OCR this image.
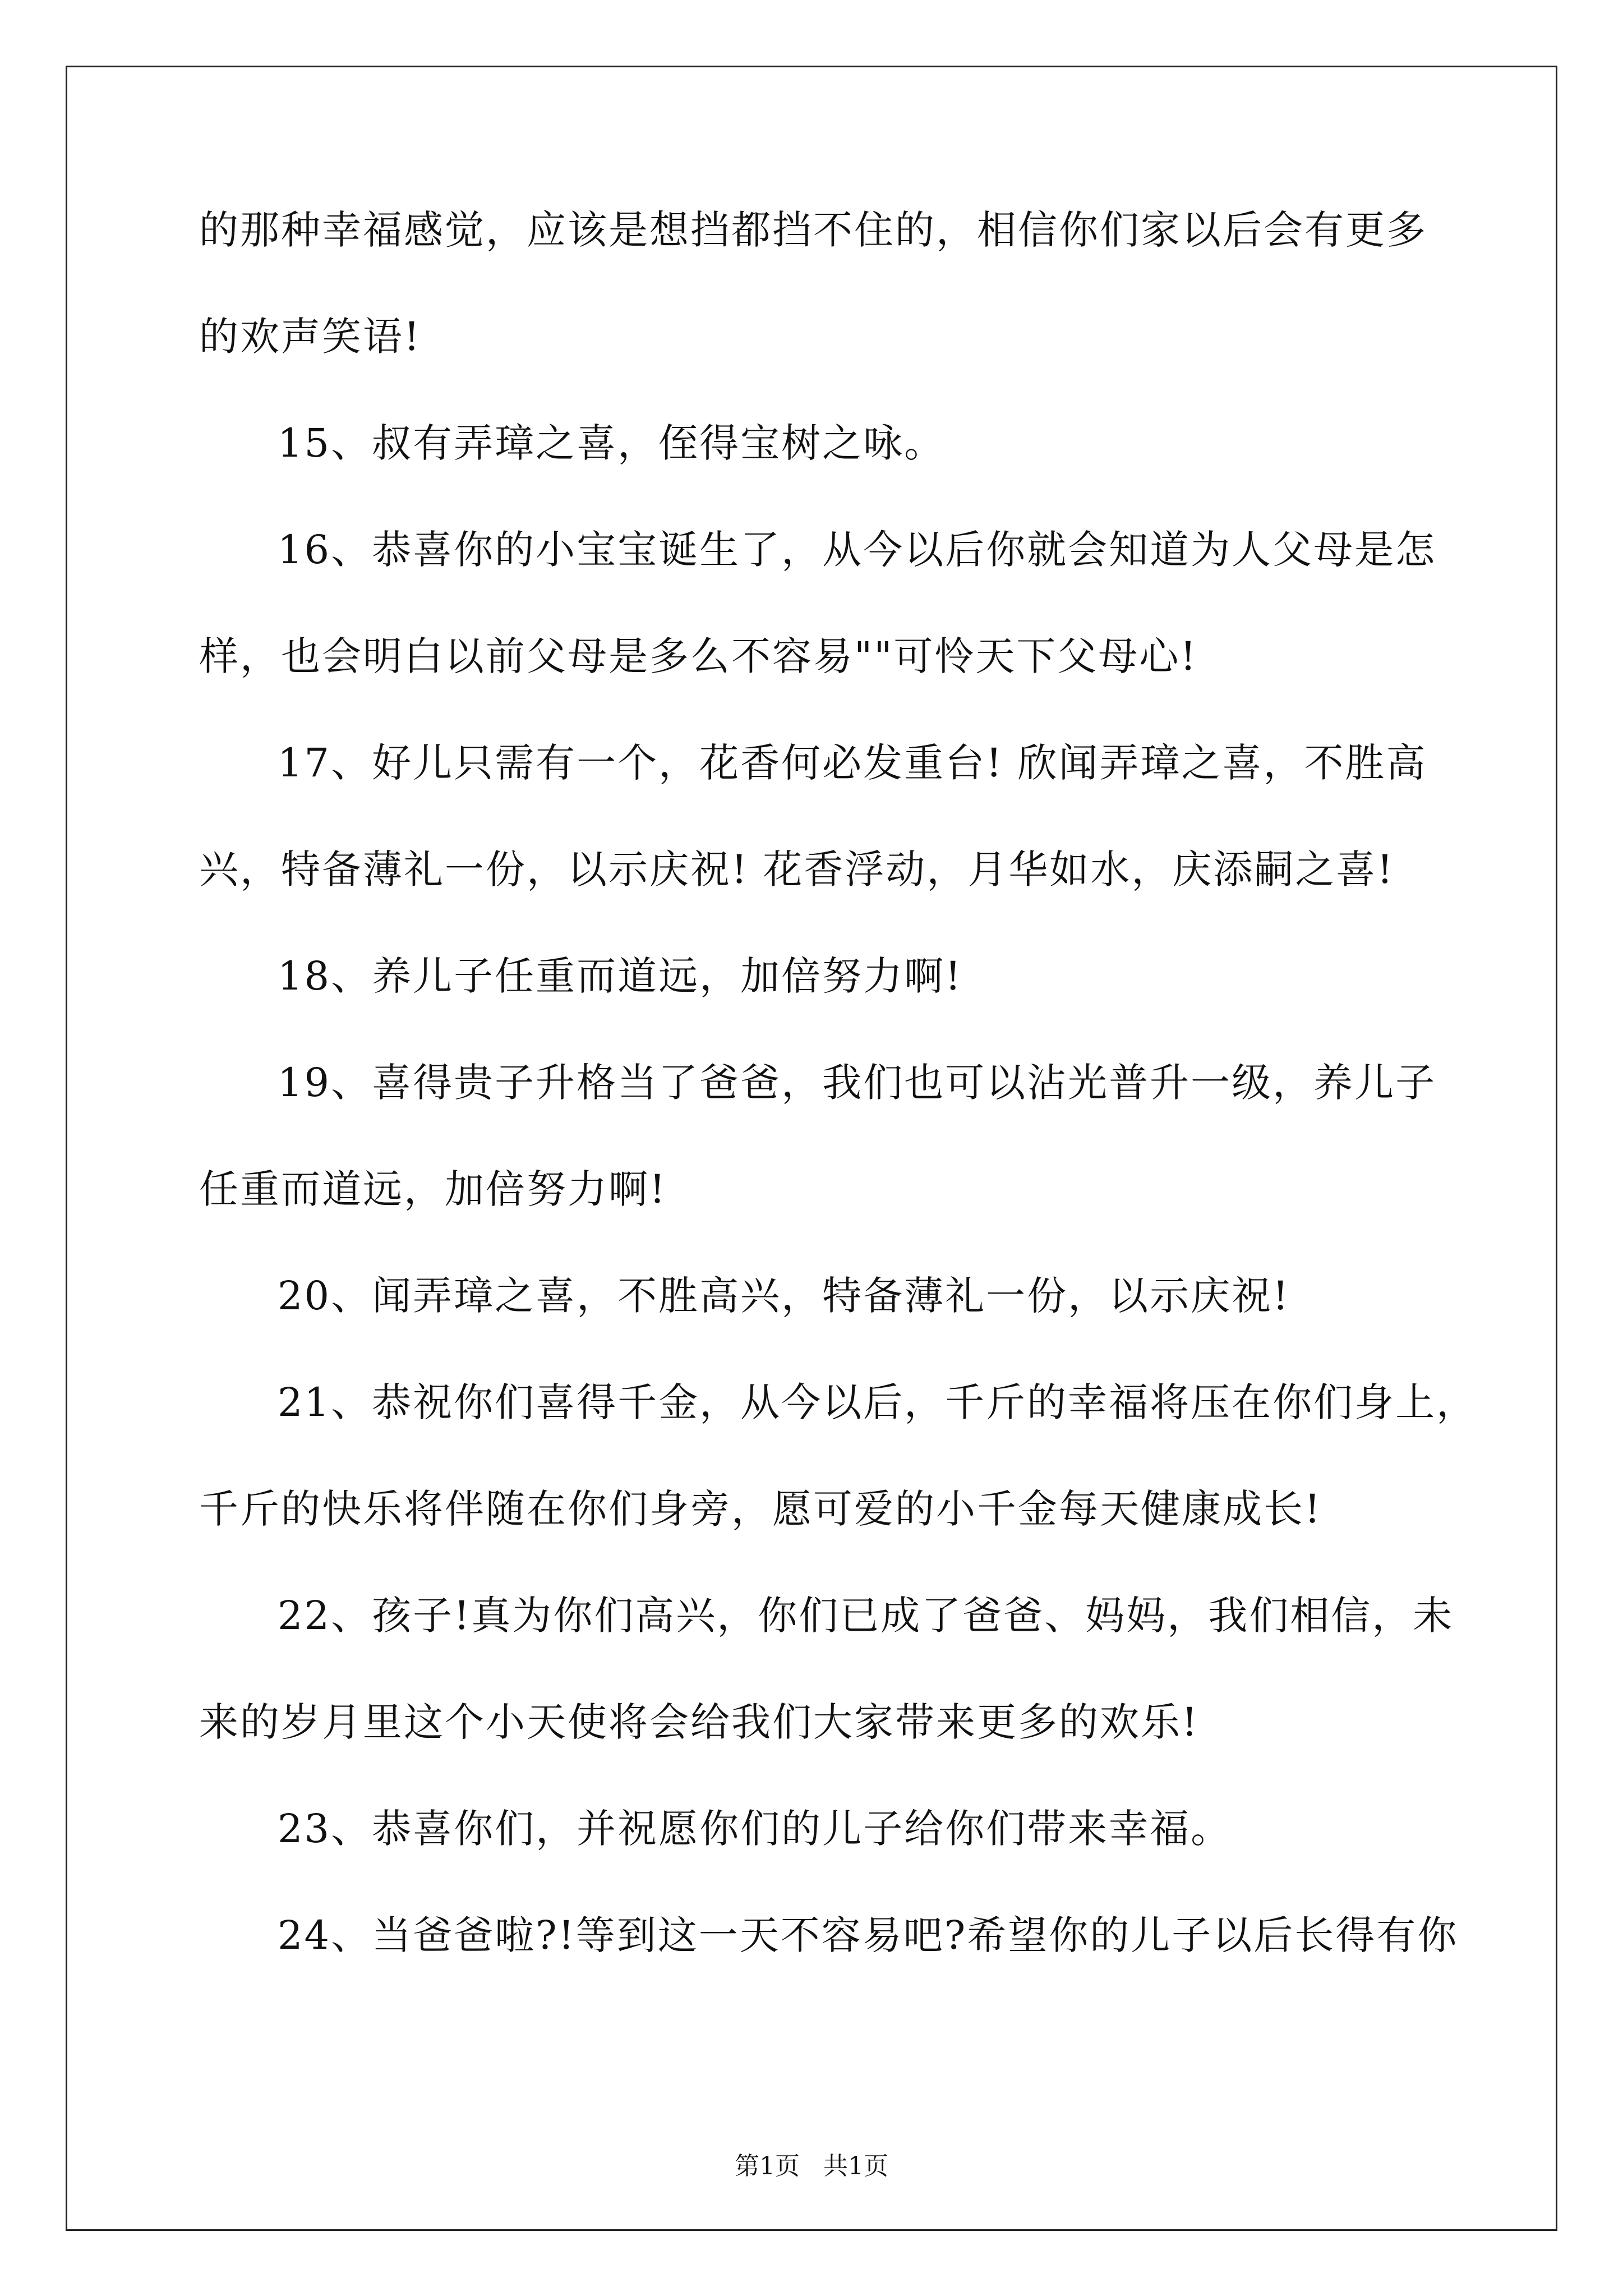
的那种幸福感觉，应该是想挡都挡不住的，相信你们家以后会有更多
的欢声笑语!
15、叔有弄璋之喜，侄得宝树之咏。
16、恭喜你的小宝宝诞生了，从今以后你就会知道为人父母是怎
样，也会明白以前父母是多么不容易""可怜天下父母心!
17、好儿只需有一个，花香何必发重台! 欣闻弄璋之喜，不胜高
兴，特备薄礼一份，以示庆祝! 花香浮动，月华如水，庆添嗣之喜!
18、养儿子任重而道远，加倍努力啊!
19、喜得贵子升格当了爸爸，我们也可以沾光普升一级，养儿子
任重而道远，加倍努力啊!
20、闻弄璋之喜，不胜高兴，特备薄礼一份，以示庆祝!
21、恭祝你们喜得千金，从今以后，千斤的幸福将压在你们身上，
千斤的快乐将伴随在你们身旁，愿可爱的小千金每天健康成长!
22、孩子!真为你们高兴，你们已成了爸爸、妈妈，我们相信，未
来的岁月里这个小天使将会给我们大家带来更多的欢乐!
23、恭喜你们，并祝愿你们的儿子给你们带来幸福。
24、当爸爸啦?!等到这一天不容易吧?希望你的儿子以后长得有你
第1页   共1页
